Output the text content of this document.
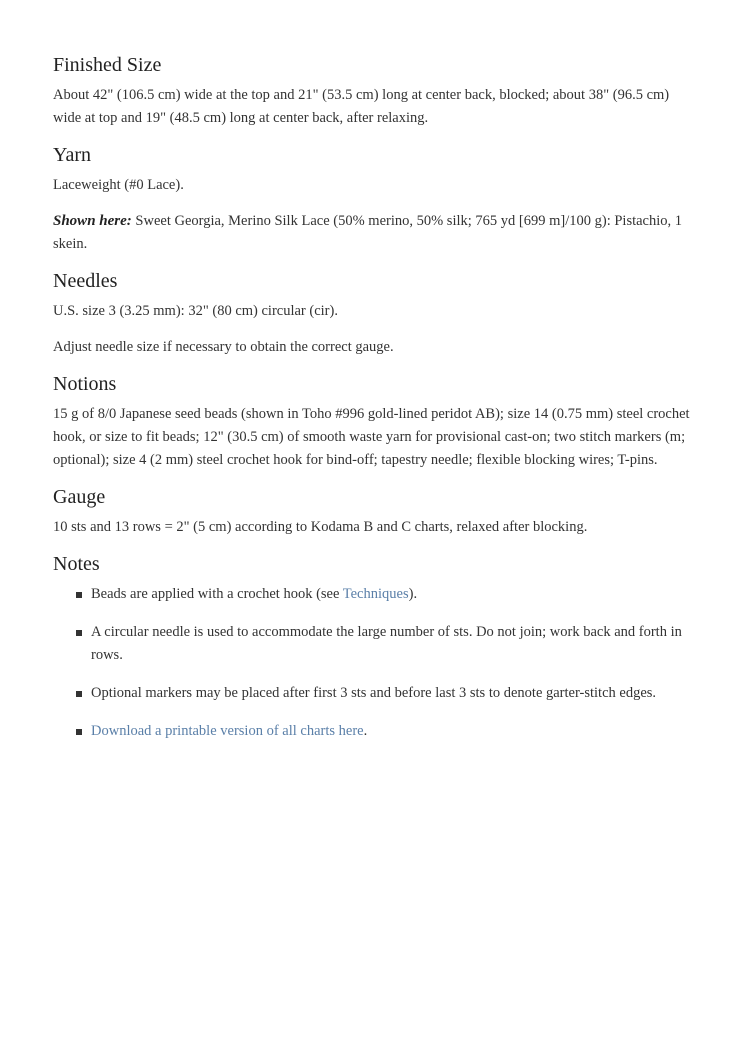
Finished Size

About 42" (106.5 cm) wide at the top and 21" (53.5 cm) long at center back, blocked; about 38" (96.5 cm) wide at top and 19" (48.5 cm) long at center back, after relaxing.

Yarn

Laceweight (#0 Lace).

Shown here: Sweet Georgia, Merino Silk Lace (50% merino, 50% silk; 765 yd [699 m]/100 g): Pistachio, 1 skein.

Needles

U.S. size 3 (3.25 mm): 32" (80 cm) circular (cir).

Adjust needle size if necessary to obtain the correct gauge.

Notions

15 g of 8/0 Japanese seed beads (shown in Toho #996 gold-lined peridot AB); size 14 (0.75 mm) steel crochet hook, or size to fit beads; 12" (30.5 cm) of smooth waste yarn for provisional cast-on; two stitch markers (m; optional); size 4 (2 mm) steel crochet hook for bind-off; tapestry needle; flexible blocking wires; T-pins.

Gauge

10 sts and 13 rows = 2" (5 cm) according to Kodama B and C charts, relaxed after blocking.

Notes
Beads are applied with a crochet hook (see Techniques).
A circular needle is used to accommodate the large number of sts. Do not join; work back and forth in rows.
Optional markers may be placed after first 3 sts and before last 3 sts to denote garter-stitch edges.
Download a printable version of all charts here.
